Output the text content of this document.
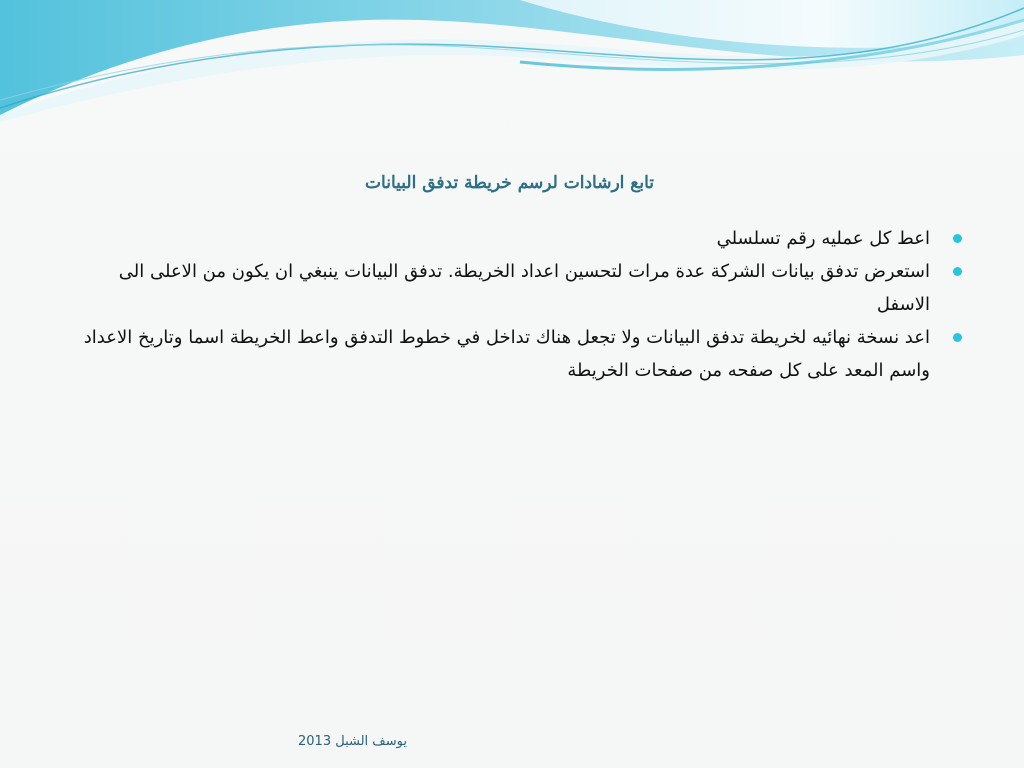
تابع ارشادات لرسم خريطة تدفق البيانات
اعط كل عمليه رقم تسلسلي
استعرض تدفق بيانات الشركة عدة مرات لتحسين اعداد الخريطة. تدفق البيانات ينبغي ان يكون من الاعلى الى الاسفل
اعد نسخة نهائيه لخريطة تدفق البيانات ولا تجعل هناك تداخل في خطوط التدفق واعط الخريطة اسما وتاريخ الاعداد واسم المعد على كل صفحه من صفحات الخريطة
يوسف الشبل 2013
